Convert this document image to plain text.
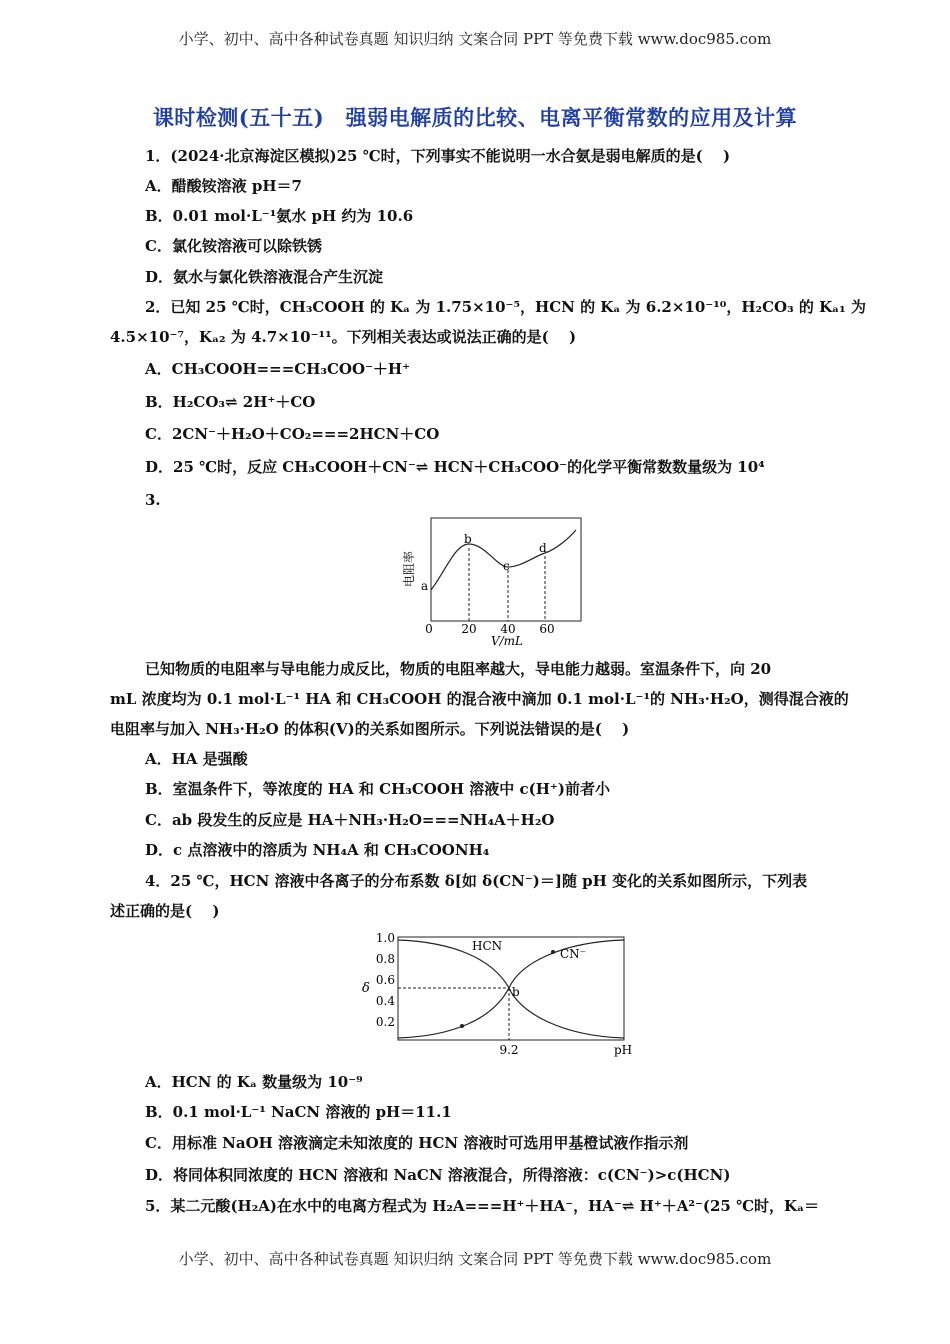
小学、初中、高中各种试卷真题 知识归纳 文案合同 PPT 等免费下载 www.doc985.com
课时检测(五十五)　强弱电解质的比较、电离平衡常数的应用及计算
1．(2024·北京海淀区模拟)25 ℃时，下列事实不能说明一水合氨是弱电解质的是(　 )
A．醋酸铵溶液 pH＝7
B．0.01 mol·L⁻¹氨水 pH 约为 10.6
C．氯化铵溶液可以除铁锈
D．氨水与氯化铁溶液混合产生沉淀
2．已知 25 ℃时，CH₃COOH 的 Kₐ 为 1.75×10⁻⁵，HCN 的 Kₐ 为 6.2×10⁻¹⁰，H₂CO₃ 的 Kₐ₁ 为
4.5×10⁻⁷，Kₐ₂ 为 4.7×10⁻¹¹。下列相关表达或说法正确的是(　 )
A．CH₃COOH===CH₃COO⁻＋H⁺
B．H₂CO₃⇌ 2H⁺＋CO
C．2CN⁻＋H₂O＋CO₂===2HCN＋CO
D．25 ℃时，反应 CH₃COOH＋CN⁻⇌ HCN＋CH₃COO⁻的化学平衡常数数量级为 10⁴
3.
a
b
c
d
0 20 40 60
V/mL
电阻率
已知物质的电阻率与导电能力成反比，物质的电阻率越大，导电能力越弱。室温条件下，向 20
mL 浓度均为 0.1 mol·L⁻¹ HA 和 CH₃COOH 的混合液中滴加 0.1 mol·L⁻¹的 NH₃·H₂O，测得混合液的
电阻率与加入 NH₃·H₂O 的体积(V)的关系如图所示。下列说法错误的是(　 )
A．HA 是强酸
B．室温条件下，等浓度的 HA 和 CH₃COOH 溶液中 c(H⁺)前者小
C．ab 段发生的反应是 HA＋NH₃·H₂O===NH₄A＋H₂O
D．c 点溶液中的溶质为 NH₄A 和 CH₃COONH₄
4．25 ℃，HCN 溶液中各离子的分布系数 δ[如 δ(CN⁻)＝]随 pH 变化的关系如图所示，下列表
述正确的是(　 )
HCN
CN⁻
b
1.0
0.8
0.6
0.4
0.2
δ
9.2	pH
A．HCN 的 Kₐ 数量级为 10⁻⁹
B．0.1 mol·L⁻¹ NaCN 溶液的 pH＝11.1
C．用标准 NaOH 溶液滴定未知浓度的 HCN 溶液时可选用甲基橙试液作指示剂
D．将同体积同浓度的 HCN 溶液和 NaCN 溶液混合，所得溶液：c(CN⁻)>c(HCN)
5．某二元酸(H₂A)在水中的电离方程式为 H₂A===H⁺＋HA⁻，HA⁻⇌ H⁺＋A²⁻(25 ℃时，Kₐ＝
小学、初中、高中各种试卷真题 知识归纳 文案合同 PPT 等免费下载 www.doc985.com
